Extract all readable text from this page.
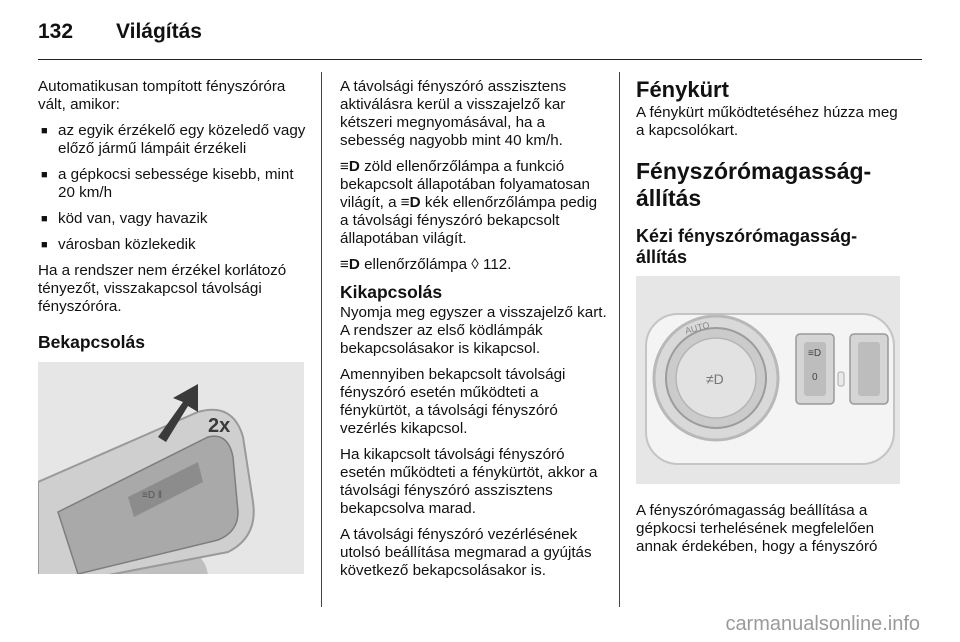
132	Világítás

Automatikusan tompított fényszóróra vált, amikor:

■ az egyik érzékelő egy közeledő vagy előző jármű lámpáit érzékeli
■ a gépkocsi sebessége kisebb, mint 20 km/h
■ köd van, vagy havazik
■ városban közlekedik

Ha a rendszer nem érzékel korlátozó tényezőt, visszakapcsol távolsági fényszóróra.

Bekapcsolás
≡D ‖
2x

A távolsági fényszóró asszisztens aktiválásra kerül a visszajelző kar kétszeri megnyomásával, ha a sebesség nagyobb mint 40 km/h.

≡D zöld ellenőrzőlámpa a funkció bekapcsolt állapotában folyamatosan világít, a ≡D kék ellenőrzőlámpa pedig a távolsági fényszóró bekapcsolt állapotában világít.

≡D ellenőrzőlámpa ◊ 112.

Kikapcsolás

Nyomja meg egyszer a visszajelző kart. A rendszer az első ködlámpák bekapcsolásakor is kikapcsol.

Amennyiben bekapcsolt távolsági fényszóró esetén működteti a fénykürtöt, a távolsági fényszóró vezérlés kikapcsol.

Ha kikapcsolt távolsági fényszóró esetén működteti a fénykürtöt, akkor a távolsági fényszóró asszisztens bekapcsolva marad.

A távolsági fényszóró vezérlésének utolsó beállítása megmarad a gyújtás következő bekapcsolásakor is.

Fénykürt

A fénykürt működtetéséhez húzza meg a kapcsolókart.

Fényszórómagasság-állítás
Kézi fényszórómagasság-állítás
≠D
AUTO
≡D
0

A fényszórómagasság beállítása a gépkocsi terhelésének megfelelően annak érdekében, hogy a fényszóró

carmanualsonline.info
